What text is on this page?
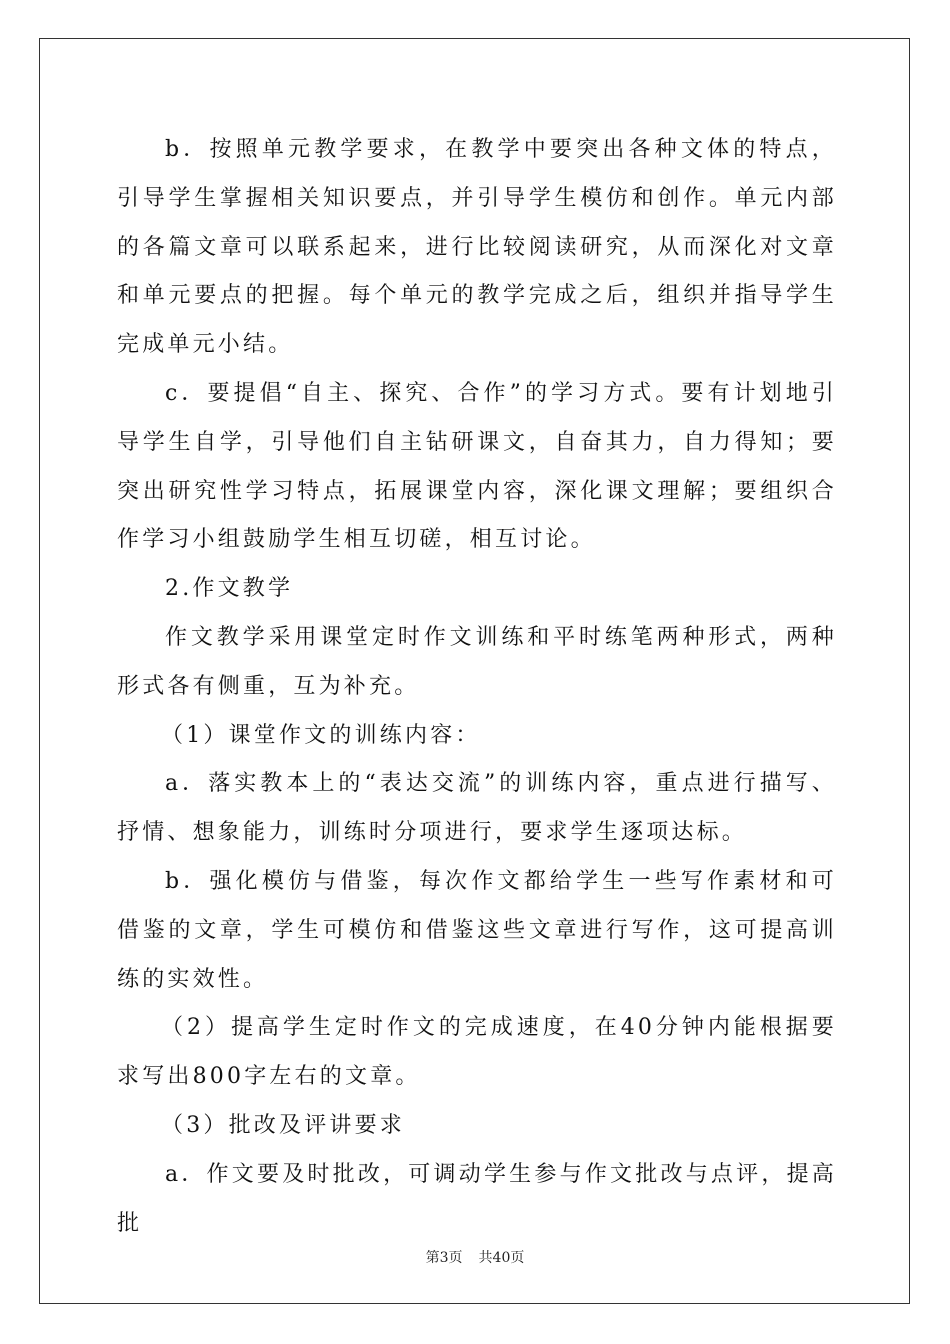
b．按照单元教学要求，在教学中要突出各种文体的特点，引导学生掌握相关知识要点，并引导学生模仿和创作。单元内部的各篇文章可以联系起来，进行比较阅读研究，从而深化对文章和单元要点的把握。每个单元的教学完成之后，组织并指导学生完成单元小结。

c．要提倡“自主、探究、合作”的学习方式。要有计划地引导学生自学，引导他们自主钻研课文，自奋其力，自力得知；要突出研究性学习特点，拓展课堂内容，深化课文理解；要组织合作学习小组鼓励学生相互切磋，相互讨论。

2.作文教学

作文教学采用课堂定时作文训练和平时练笔两种形式，两种形式各有侧重，互为补充。

（1）课堂作文的训练内容：

a．落实教本上的“表达交流”的训练内容，重点进行描写、抒情、想象能力，训练时分项进行，要求学生逐项达标。

b．强化模仿与借鉴，每次作文都给学生一些写作素材和可借鉴的文章，学生可模仿和借鉴这些文章进行写作，这可提高训练的实效性。

（2）提高学生定时作文的完成速度，在40分钟内能根据要求写出800字左右的文章。

（3）批改及评讲要求

a．作文要及时批改，可调动学生参与作文批改与点评，提高批

第3页 共40页
